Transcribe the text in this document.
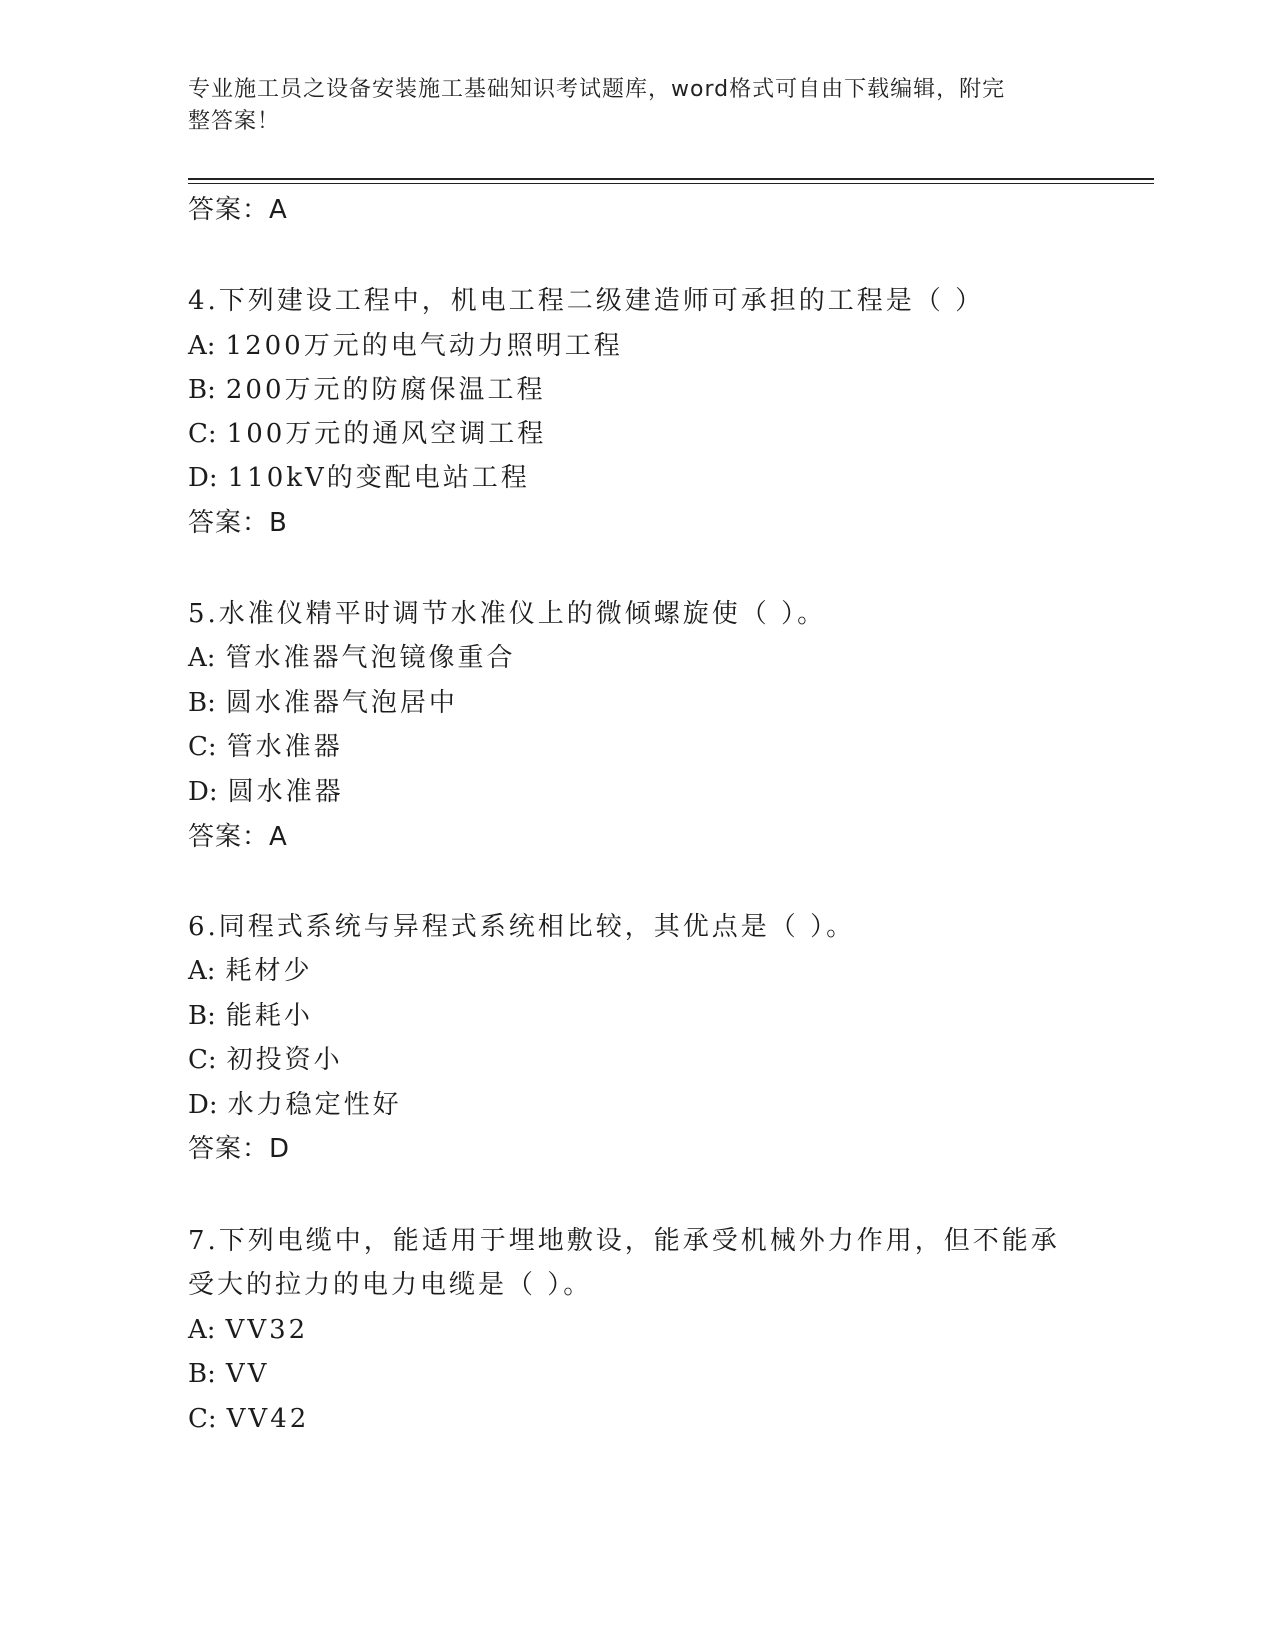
专业施工员之设备安装施工基础知识考试题库，word格式可自由下载编辑，附完
整答案！
答案：A
4.下列建设工程中，机电工程二级建造师可承担的工程是（ ）
A: 1200万元的电气动力照明工程
B: 200万元的防腐保温工程
C: 100万元的通风空调工程
D: 110kV的变配电站工程
答案：B
5.水准仪精平时调节水准仪上的微倾螺旋使（ ）。
A: 管水准器气泡镜像重合
B: 圆水准器气泡居中
C: 管水准器
D: 圆水准器
答案：A
6.同程式系统与异程式系统相比较，其优点是（ ）。
A: 耗材少
B: 能耗小
C: 初投资小
D: 水力稳定性好
答案：D
7.下列电缆中，能适用于埋地敷设，能承受机械外力作用，但不能承
受大的拉力的电力电缆是（ ）。
A: VV32
B: VV
C: VV42
